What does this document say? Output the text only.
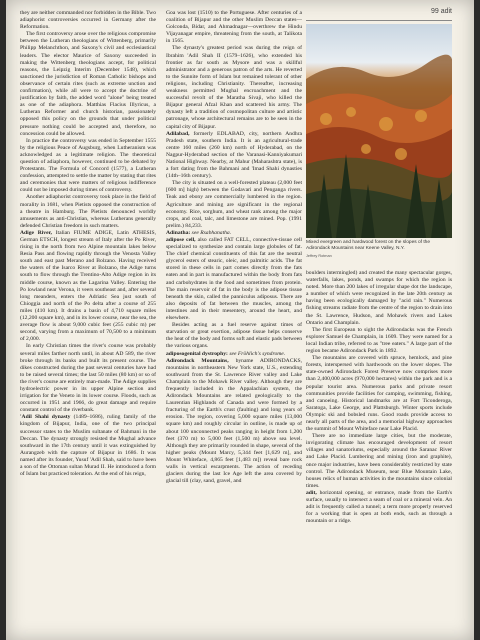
they are neither commanded nor forbidden in the Bible. Two adiaphorist controversies occurred in Germany after the Reformation.

The first controversy arose over the religious compromise between the Lutheran theologians of Wittenberg, primarily Philipp Melanchthon, and Saxony's civil and ecclesiastical leaders. The elector Maurice of Saxony succeeded in making the Wittenberg theologians accept, for political reasons, the Leipzig Interim (December 1548), which sanctioned the jurisdiction of Roman Catholic bishops and observance of certain rites (such as extreme unction and confirmation), while all were to accept the doctrine of justification by faith, the added word "alone" being treated as one of the adiaphora. Matthias Flacius Illyricus, a Lutheran Reformer and church historian, passionately opposed this policy on the grounds that under political pressure nothing could be accepted and, therefore, no concession could be allowed.

In practice the controversy was ended in September 1555 by the religious Peace of Augsburg, when Lutheranism was acknowledged as a legitimate religion. The theoretical question of adiaphora, however, continued to be debated by Protestants. The Formula of Concord (1577), a Lutheran confession, attempted to settle the matter by stating that rites and ceremonies that were matters of religious indifference could not be imposed during times of controversy.

Another adiaphorist controversy took place in the field of morality in 1681, when Pietists opposed the construction of a theatre in Hamburg. The Pietists denounced worldly amusements as anti-Christian, whereas Lutherans generally defended Christian freedom in such matters.

Adige River, Italian FIUME ADIGE, Latin ATHESIS, German ETSCH, longest stream of Italy after the Po River, rising in the north from two Alpine mountain lakes below Resia Pass and flowing rapidly through the Venosta Valley south and east past Merano and Bolzano. Having received the waters of the Isarco River at Bolzano, the Adige turns south to flow through the Trentino-Alto Adige region in its middle course, known as the Lagarina Valley. Entering the Po lowland near Verona, it veers southeast and, after several long meanders, enters the Adriatic Sea just south of Chioggia and north of the Po delta after a course of 255 miles (410 km). It drains a basin of 4,710 square miles (12,200 square km), and in its lower course, near the sea, the average flow is about 9,000 cubic feet (255 cubic m) per second, varying from a maximum of 70,500 to a minimum of 2,000.

In early Christian times the river's course was probably several miles farther north until, in about AD 589, the river broke through its banks and built its present course. The dikes constructed during the past several centuries have had to be raised several times; the last 50 miles (80 km) or so of the river's course are entirely man-made. The Adige supplies hydroelectric power in its upper Alpine section and irrigation for the Veneto in its lower course. Floods, such as occurred in 1951 and 1966, do great damage and require constant control of the riverbank.

'Adil Shahi dynasty (1489–1686), ruling family of the kingdom of Bijapur, India, one of the two principal successor states to the Muslim sultanate of Bahmani in the Deccan. The dynasty strongly resisted the Mughal advance southward in the 17th century until it was extinguished by Aurangzeb with the capture of Bijapur in 1686. It was named after its founder, Yusuf 'Adil Shah, said to have been a son of the Ottoman sultan Murad II. He introduced a form of Islam but practiced toleration. At the end of his reign,

Goa was lost (1510) to the Portuguese. After centuries of a coalition of Bijapur and the other Muslim Deccan states—Golconda, Bidar, and Ahmadnagar—overthrew the Hindu Vijayanagar empire, threatening from the south, at Talikota in 1565.

The dynasty's greatest period was during the reign of Ibrahim 'Adil Shah II (1579–1626), who extended his frontier as far south as Mysore and was a skillful administrator and a generous patron of the arts. He reverted to the Sunnite form of Islam but remained tolerant of other religions, including Christianity. Thereafter, increasing weakness permitted Mughal encroachment and the successful revolt of the Maratha Sivaji, who killed the Bijapur general Afzal Khan and scattered his army. The dynasty left a tradition of cosmopolitan culture and artistic patronage, whose architectural remains are to be seen in the capital city of Bijapur.

Adilabad, formerly EDLABAD, city, northern Andhra Pradesh state, southern India. It is an agricultural-trade centre 160 miles (260 km) north of Hyderabad, on the Nagpur-Hyderabad section of the Varanasi-Kanniyakumari National Highway. Nearby, at Mahur (Maharashtra state), is a fort dating from the Bahmani and 'Imad Shahi dynasties (14th–16th century).

The city is situated on a well-forested plateau (2,000 feet [600 m] high) between the Godavari and Penganga rivers. Teak and ebony are commercially lumbered in the region. Agriculture and mining are significant in the regional economy. Rice, sorghum, and wheat rank among the major crops, and coal, talc, and limestone are mined. Pop. (1991 prelim.) 84,233.

Adinatha: see Rsabhanatha.

adipose cell, also called FAT CELL, connective-tissue cell specialized to synthesize and contain large globules of fat. The chief chemical constituents of this fat are the neutral glycerol esters of stearic, oleic, and palmitic acids. The fat stored in these cells in part comes directly from the fats eaten and in part is manufactured within the body from fats and carbohydrates in the food and sometimes from protein. The main reservoir of fat in the body is the adipose tissue beneath the skin, called the panniculus adiposus. There are also deposits of fat between the muscles, among the intestines and in their mesentery, around the heart, and elsewhere.

Besides acting as a fuel reserve against times of starvation or great exertion, adipose tissue helps conserve the heat of the body and forms soft and elastic pads between the various organs.

adiposogenital dystrophy: see Fröhlich's syndrome.

Adirondack Mountains, byname ADIRONDACKS, mountains in northeastern New York state, U.S., extending southward from the St. Lawrence River valley and Lake Champlain to the Mohawk River valley. Although they are frequently included in the Appalachian system, the Adirondack Mountains are related geologically to the Laurentian Highlands of Canada and were formed by a fracturing of the Earth's crust (faulting) and long years of erosion. The region, covering 5,000 square miles (13,000 square km) and roughly circular in outline, is made up of about 100 unconnected peaks ranging in height from 1,200 feet (370 m) to 5,000 feet (1,500 m) above sea level. Although they are primarily rounded in shape, several of the higher peaks (Mount Marcy, 5,344 feet [1,629 m], and Mount Whiteface, 4,865 feet [1,483 m]) reveal bare rock walls in vertical escarpments. The action of receding glaciers during the last Ice Age left the area covered by glacial till (clay, sand, gravel, and

99 adit
Mixed evergreen and hardwood forest on the slopes of the Adirondack Mountains near Keene Valley, N.Y.
Jeffrey Rotman

boulders intermingled) and created the many spectacular gorges, waterfalls, lakes, ponds, and swamps for which the region is noted. More than 200 lakes of irregular shape dot the landscape, a number of which were recognized in the late 20th century as having been ecologically damaged by "acid rain." Numerous fishing streams radiate from the centre of the region to drain into the St. Lawrence, Hudson, and Mohawk rivers and Lakes Ontario and Champlain.

The first European to sight the Adirondacks was the French explorer Samuel de Champlain, in 1609. They were named for a local Indian tribe, referred to as "tree eaters." A large part of the region became Adirondack Park in 1892.

The mountains are covered with spruce, hemlock, and pine forests, interspersed with hardwoods on the lower slopes. The state-owned Adirondack Forest Preserve now comprises more than 2,400,000 acres (970,000 hectares) within the park and is a popular tourist area. Numerous parks and private resort communities provide facilities for camping, swimming, fishing, and canoeing. Historical landmarks are at Fort Ticonderoga, Saratoga, Lake George, and Plattsburgh. Winter sports include Olympic ski and bobsled runs. Good roads provide access to nearly all parts of the area, and a memorial highway approaches the summit of Mount Whiteface near Lake Placid.

There are no immediate large cities, but the moderate, invigorating climate has encouraged development of resort villages and sanatoriums, especially around the Saranac River and Lake Placid. Lumbering and mining (iron and graphite), once major industries, have been considerably restricted by state control. The Adirondack Museum, near Blue Mountain Lake, houses relics of human activities in the mountains since colonial times.

adit, horizontal opening, or entrance, made from the Earth's surface, usually to intersect a seam of coal or a mineral vein. An adit is frequently called a tunnel; a term more properly reserved for a working that is open at both ends, such as through a mountain or a ridge.
